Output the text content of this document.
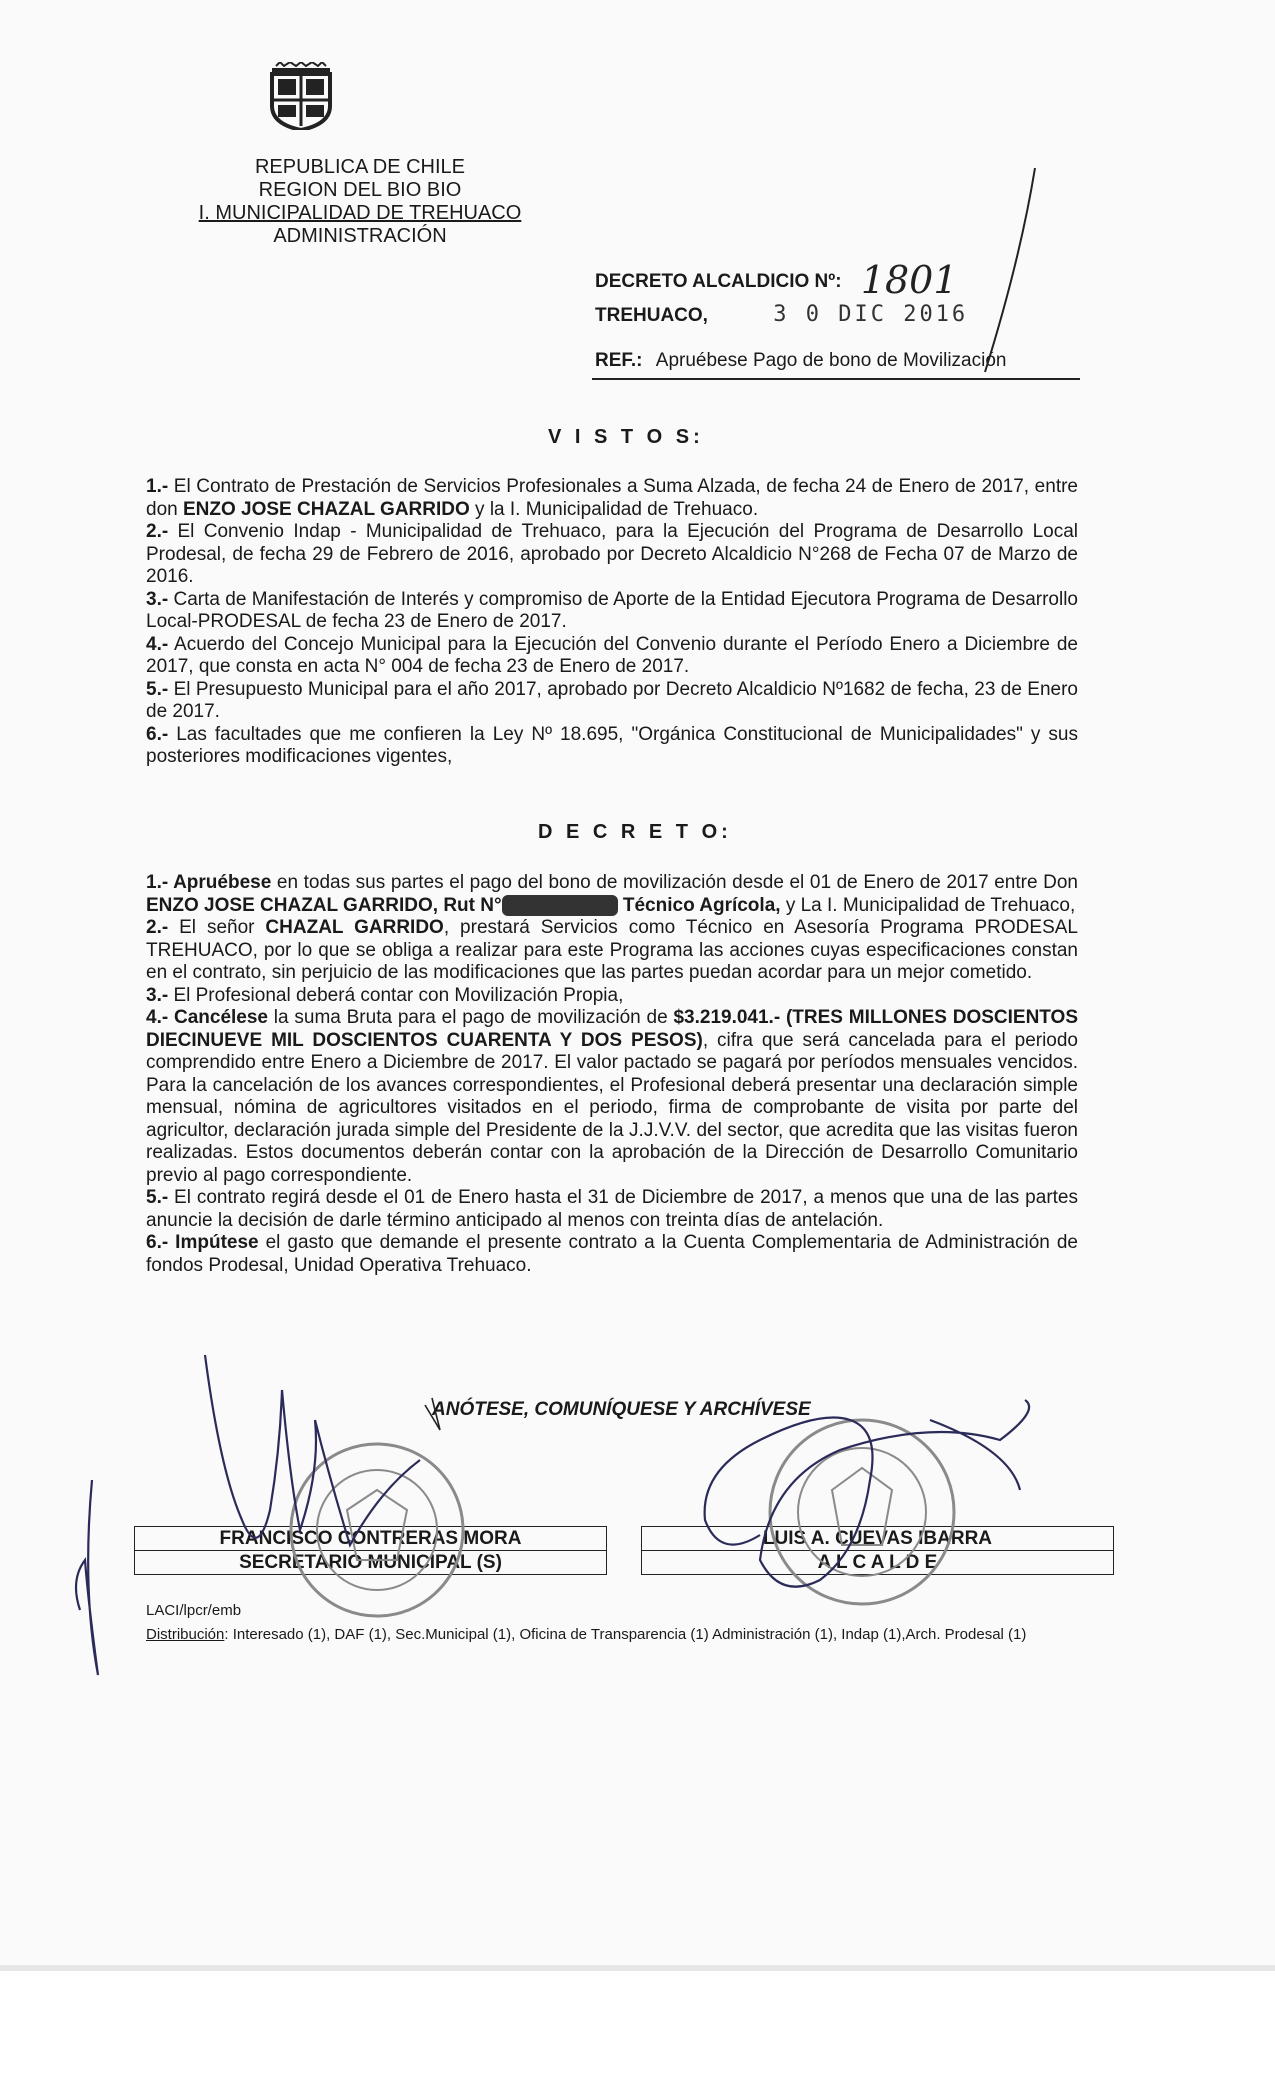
REPUBLICA DE CHILE
REGION DEL BIO BIO
I. MUNICIPALIDAD DE TREHUACO
ADMINISTRACIÓN
DECRETO ALCALDICIO Nº: 1801
TREHUACO,	3 0 DIC 2016
REF.: Apruébese Pago de bono de Movilización
V I S T O S:

1.- El Contrato de Prestación de Servicios Profesionales a Suma Alzada, de fecha 24 de Enero de 2017, entre don ENZO JOSE CHAZAL GARRIDO y la I. Municipalidad de Trehuaco.

2.- El Convenio Indap - Municipalidad de Trehuaco, para la Ejecución del Programa de Desarrollo Local Prodesal, de fecha 29 de Febrero de 2016, aprobado por Decreto Alcaldicio N°268 de Fecha 07 de Marzo de 2016.

3.- Carta de Manifestación de Interés y compromiso de Aporte de la Entidad Ejecutora Programa de Desarrollo Local-PRODESAL de fecha 23 de Enero de 2017.

4.- Acuerdo del Concejo Municipal para la Ejecución del Convenio durante el Período Enero a Diciembre de 2017, que consta en acta N° 004 de fecha 23 de Enero de 2017.

5.- El Presupuesto Municipal para el año 2017, aprobado por Decreto Alcaldicio Nº1682 de fecha, 23 de Enero de 2017.

6.- Las facultades que me confieren la Ley Nº 18.695, "Orgánica Constitucional de Municipalidades" y sus posteriores modificaciones vigentes,

D E C R E T O:

1.- Apruébese en todas sus partes el pago del bono de movilización desde el 01 de Enero de 2017 entre Don ENZO JOSE CHAZAL GARRIDO, Rut N° 12.967.970-0 Técnico Agrícola, y La I. Municipalidad de Trehuaco,

2.- El señor CHAZAL GARRIDO, prestará Servicios como Técnico en Asesoría Programa PRODESAL TREHUACO, por lo que se obliga a realizar para este Programa las acciones cuyas especificaciones constan en el contrato, sin perjuicio de las modificaciones que las partes puedan acordar para un mejor cometido.

3.- El Profesional deberá contar con Movilización Propia,

4.- Cancélese la suma Bruta para el pago de movilización de $3.219.041.- (TRES MILLONES DOSCIENTOS DIECINUEVE MIL DOSCIENTOS CUARENTA Y DOS PESOS), cifra que será cancelada para el periodo comprendido entre Enero a Diciembre de 2017. El valor pactado se pagará por períodos mensuales vencidos. Para la cancelación de los avances correspondientes, el Profesional deberá presentar una declaración simple mensual, nómina de agricultores visitados en el periodo, firma de comprobante de visita por parte del agricultor, declaración jurada simple del Presidente de la J.J.V.V. del sector, que acredita que las visitas fueron realizadas. Estos documentos deberán contar con la aprobación de la Dirección de Desarrollo Comunitario previo al pago correspondiente.

5.- El contrato regirá desde el 01 de Enero hasta el 31 de Diciembre de 2017, a menos que una de las partes anuncie la decisión de darle término anticipado al menos con treinta días de antelación.

6.- Impútese el gasto que demande el presente contrato a la Cuenta Complementaria de Administración de fondos Prodesal, Unidad Operativa Trehuaco.

ANÓTESE, COMUNÍQUESE Y ARCHÍVESE
FRANCISCO CONTRERAS MORA
SECRETARIO MUNICIPAL (S)
LUIS A. CUEVAS IBARRA
A L C A L D E
LACI/lpcr/emb
Distribución: Interesado (1), DAF (1), Sec.Municipal (1), Oficina de Transparencia (1) Administración (1), Indap (1),Arch. Prodesal (1)
